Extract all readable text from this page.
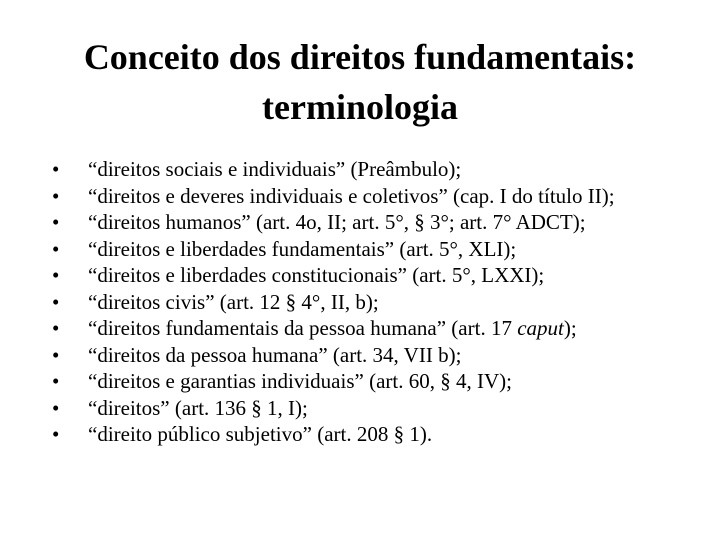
Conceito dos direitos fundamentais:
terminologia
•	“direitos sociais e individuais” (Preâmbulo);
•	“direitos e deveres individuais e coletivos” (cap. I do título II);
•	“direitos humanos” (art. 4o, II; art. 5°, § 3°; art. 7° ADCT);
•	“direitos e liberdades fundamentais” (art. 5°, XLI);
•	“direitos e liberdades constitucionais” (art. 5°, LXXI);
•	“direitos civis” (art. 12 § 4°, II, b);
•	“direitos fundamentais da pessoa humana” (art. 17 caput);
•	“direitos da pessoa humana” (art. 34, VII b);
•	“direitos e garantias individuais” (art. 60, § 4, IV);
•	“direitos” (art. 136 § 1, I);
•	“direito público subjetivo” (art. 208 § 1).
